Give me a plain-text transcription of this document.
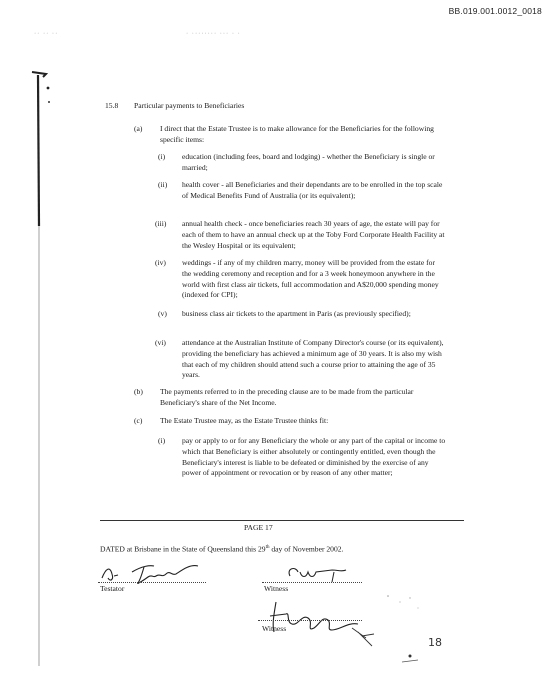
BB.019.001.0012_0018
·· ·· ··	· ········ ··· · ·
15.8 Particular payments to Beneficiaries
(a) I direct that the Estate Trustee is to make allowance for the Beneficiaries for the following specific items:
(i) education (including fees, board and lodging) - whether the Beneficiary is single or married;
(ii) health cover - all Beneficiaries and their dependants are to be enrolled in the top scale of Medical Benefits Fund of Australia (or its equivalent);
(iii) annual health check - once beneficiaries reach 30 years of age, the estate will pay for each of them to have an annual check up at the Toby Ford Corporate Health Facility at the Wesley Hospital or its equivalent;
(iv) weddings - if any of my children marry, money will be provided from the estate for the wedding ceremony and reception and for a 3 week honeymoon anywhere in the world with first class air tickets, full accommodation and A$20,000 spending money (indexed for CPI);
(v) business class air tickets to the apartment in Paris (as previously specified);
(vi) attendance at the Australian Institute of Company Director's course (or its equivalent), providing the beneficiary has achieved a minimum age of 30 years. It is also my wish that each of my children should attend such a course prior to attaining the age of 35 years.
(b) The payments referred to in the preceding clause are to be made from the particular Beneficiary's share of the Net Income.
(c) The Estate Trustee may, as the Estate Trustee thinks fit:
(i) pay or apply to or for any Beneficiary the whole or any part of the capital or income to which that Beneficiary is either absolutely or contingently entitled, even though the Beneficiary's interest is liable to be defeated or diminished by the exercise of any power of appointment or revocation or by reason of any other matter;
PAGE 17
DATED at Brisbane in the State of Queensland this 29th day of November 2002.
Testator	Witness
Witness
18
